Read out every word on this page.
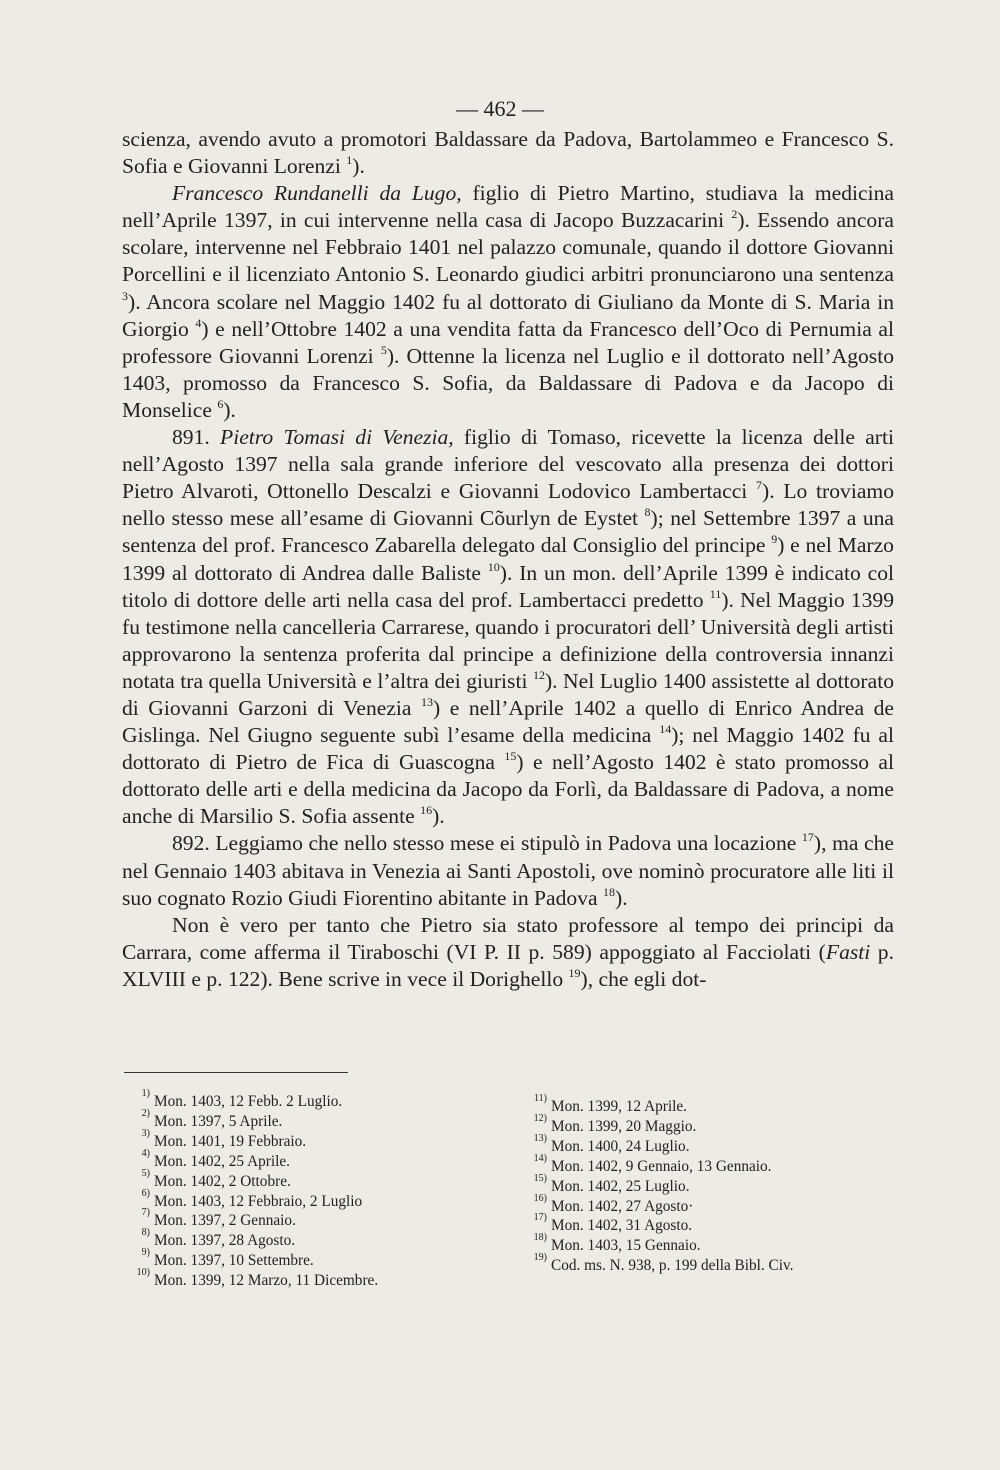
— 462 —

scienza, avendo avuto a promotori Baldassare da Padova, Bartolammeo e Francesco S. Sofia e Giovanni Lorenzi $^1$).

Francesco Rundanelli da Lugo, figlio di Pietro Martino, studiava la medicina nell’Aprile 1397, in cui intervenne nella casa di Jacopo Buzzacarini $^2$). Essendo ancora scolare, intervenne nel Febbraio 1401 nel palazzo comunale, quando il dottore Giovanni Porcellini e il licenziato Antonio S. Leonardo giudici arbitri pronunciarono una sentenza $^3$). Ancora scolare nel Maggio 1402 fu al dottorato di Giuliano da Monte di S. Maria in Giorgio $^4$) e nell’Ottobre 1402 a una vendita fatta da Francesco dell’Oco di Pernumia al professore Giovanni Lorenzi $^5$). Ottenne la licenza nel Luglio e il dottorato nell’Agosto 1403, promosso da Francesco S. Sofia, da Baldassare di Padova e da Jacopo di Monselice $^6$).

891. Pietro Tomasi di Venezia, figlio di Tomaso, ricevette la licenza delle arti nell’Agosto 1397 nella sala grande inferiore del vescovato alla presenza dei dottori Pietro Alvaroti, Ottonello Descalzi e Giovanni Lodovico Lambertacci $^7$). Lo troviamo nello stesso mese all’esame di Giovanni Cõurlyn de Eystet $^8$); nel Settembre 1397 a una sentenza del prof. Francesco Zabarella delegato dal Consiglio del principe $^9$) e nel Marzo 1399 al dottorato di Andrea dalle Baliste $^{10}$). In un mon. dell’Aprile 1399 è indicato col titolo di dottore delle arti nella casa del prof. Lambertacci predetto $^{11}$). Nel Maggio 1399 fu testimone nella cancelleria Carrarese, quando i procuratori dell’ Università degli artisti approvarono la sentenza proferita dal principe a definizione della controversia innanzi notata tra quella Università e l’altra dei giuristi $^{12}$). Nel Luglio 1400 assistette al dottorato di Giovanni Garzoni di Venezia $^{13}$) e nell’Aprile 1402 a quello di Enrico Andrea de Gislinga. Nel Giugno seguente subì l’esame della medicina $^{14}$); nel Maggio 1402 fu al dottorato di Pietro de Fica di Guascogna $^{15}$) e nell’Agosto 1402 è stato promosso al dottorato delle arti e della medicina da Jacopo da Forlì, da Baldassare di Padova, a nome anche di Marsilio S. Sofia assente $^{16}$).

892. Leggiamo che nello stesso mese ei stipulò in Padova una locazione $^{17}$), ma che nel Gennaio 1403 abitava in Venezia ai Santi Apostoli, ove nominò procuratore alle liti il suo cognato Rozio Giudi Fiorentino abitante in Padova $^{18}$).

Non è vero per tanto che Pietro sia stato professore al tempo dei principi da Carrara, come afferma il Tiraboschi (VI P. II p. 589) appoggiato al Facciolati (Fasti p. XLVIII e p. 122). Bene scrive in vece il Dorighello $^{19}$), che egli dot-

1) Mon. 1403, 12 Febb. 2 Luglio.
2) Mon. 1397, 5 Aprile.
3) Mon. 1401, 19 Febbraio.
4) Mon. 1402, 25 Aprile.
5) Mon. 1402, 2 Ottobre.
6) Mon. 1403, 12 Febbraio, 2 Luglio
7) Mon. 1397, 2 Gennaio.
8) Mon. 1397, 28 Agosto.
9) Mon. 1397, 10 Settembre.
10) Mon. 1399, 12 Marzo, 11 Dicembre.
11) Mon. 1399, 12 Aprile.
12) Mon. 1399, 20 Maggio.
13) Mon. 1400, 24 Luglio.
14) Mon. 1402, 9 Gennaio, 13 Gennaio.
15) Mon. 1402, 25 Luglio.
16) Mon. 1402, 27 Agosto·
17) Mon. 1402, 31 Agosto.
18) Mon. 1403, 15 Gennaio.
19) Cod. ms. N. 938, p. 199 della Bibl. Civ.
